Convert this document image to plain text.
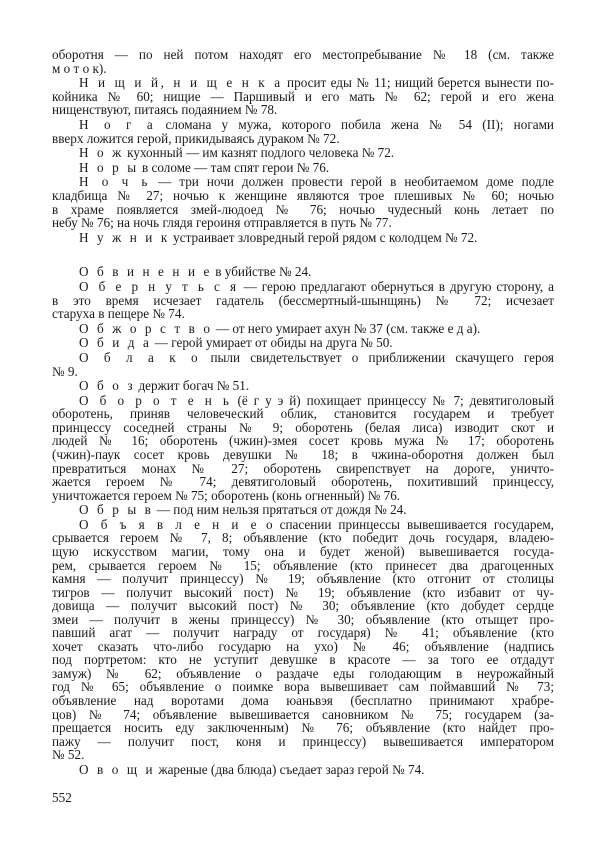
оборотня — по ней потом находят его местопребывание № 18 (см. также
м о т о к).
Н и щ и й, н и щ е н к а просит еды № 11; нищий берется вынести по-
койника № 60; нищие — Паршивый и его мать № 62; герой и его жена
нищенствуют, питаясь подаянием № 78.
Н о г а сломана у мужа, которого побила жена № 54 (II); ногами
вверх ложится герой, прикидываясь дураком № 72.
Н о ж кухонный — им казнят подлого человека № 72.
Н о р ы в соломе — там спят герои № 76.
Н о ч ь — три ночи должен провести герой в необитаемом доме подле
кладбища № 27; ночью к женщине являются трое плешивых № 60; ночью
в храме появляется змей-людоед № 76; ночью чудесный конь летает по
небу № 76; на ночь глядя героиня отправляется в путь № 77.
Н у ж н и к устраивает зловредный герой рядом с колодцем № 72.
О б в и н е н и е в убийстве № 24.
О б е р н у т ь с я — герою предлагают обернуться в другую сторону, а
в это время исчезает гадатель (бессмертный-шынщянь) № 72; исчезает
старуха в пещере № 74.
О б ж о р с т в о — от него умирает ахун № 37 (см. также е д а).
О б и д а — герой умирает от обиды на друга № 50.
О б л а к о пыли свидетельствует о приближении скачущего героя
№ 9.
О б о з держит богач № 51.
О б о р о т е н ь (ё г у э й) похищает принцессу № 7; девятиголовый
оборотень, приняв человеческий облик, становится государем и требует
принцессу соседней страны № 9; оборотень (белая лиса) изводит скот и
людей № 16; оборотень (чжин)-змея сосет кровь мужа № 17; оборотень
(чжин)-паук сосет кровь девушки № 18; в чжина-оборотня должен был
превратиться монах № 27; оборотень свирепствует на дороге, уничто-
жается героем № 74; девятиголовый оборотень, похитивший принцессу,
уничтожается героем № 75; оборотень (конь огненный) № 76.
О б р ы в — под ним нельзя прятаться от дождя № 24.
О б ъ я в л е н и е о спасении принцессы вывешивается государем,
срывается героем № 7, 8; объявление (кто победит дочь государя, владею-
щую искусством магии, тому она и будет женой) вывешивается госуда-
рем, срывается героем № 15; объявление (кто принесет два драгоценных
камня — получит принцессу) № 19; объявление (кто отгонит от столицы
тигров — получит высокий пост) № 19; объявление (кто избавит от чу-
довища — получит высокий пост) № 30; объявление (кто добудет сердце
змеи — получит в жены принцессу) № 30; объявление (кто отыщет про-
павший агат — получит награду от государя) № 41; объявление (кто
хочет сказать что-либо государю на ухо) № 46; объявление (надпись
под портретом: кто не уступит девушке в красоте — за того ее отдадут
замуж) № 62; объявление о раздаче еды голодающим в неурожайный
год № 65; объявление о поимке вора вывешивает сам поймавший № 73;
объявление над воротами дома юаньвэя (бесплатно принимают храбре-
цов) № 74; объявление вывешивается сановником № 75; государем (за-
прещается носить еду заключенным) № 76; объявление (кто найдет про-
пажу — получит пост, коня и принцессу) вывешивается императором
№ 52.
О в о щ и жареные (два блюда) съедает зараз герой № 74.
552
